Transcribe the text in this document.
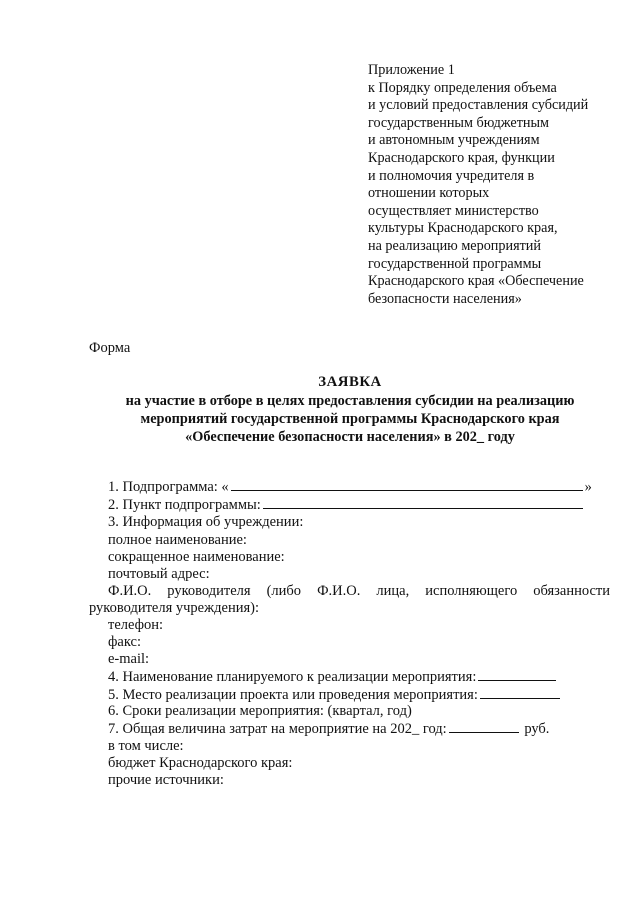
Приложение 1
к Порядку определения объема
и условий предоставления субсидий
государственным бюджетным
и автономным учреждениям
Краснодарского края, функции
и полномочия учредителя в
отношении которых
осуществляет министерство
культуры Краснодарского края,
на реализацию мероприятий
государственной программы
Краснодарского края «Обеспечение
безопасности населения»
Форма
ЗАЯВКА
на участие в отборе в целях предоставления субсидии на реализацию
мероприятий государственной программы Краснодарского края
«Обеспечение безопасности населения» в 202_ году
1. Подпрограмма: «	»
2. Пункт подпрограммы:
3. Информация об учреждении:
полное наименование:
сокращенное наименование:
почтовый адрес:
Ф.И.О. руководителя (либо Ф.И.О. лица, исполняющего обязанности
руководителя учреждения):
телефон:
факс:
e-mail:
4. Наименование планируемого к реализации мероприятия:
5. Место реализации проекта или проведения мероприятия:
6. Сроки реализации мероприятия: (квартал, год)
7. Общая величина затрат на мероприятие на 202_ год:	руб.
в том числе:
бюджет Краснодарского края:
прочие источники:
